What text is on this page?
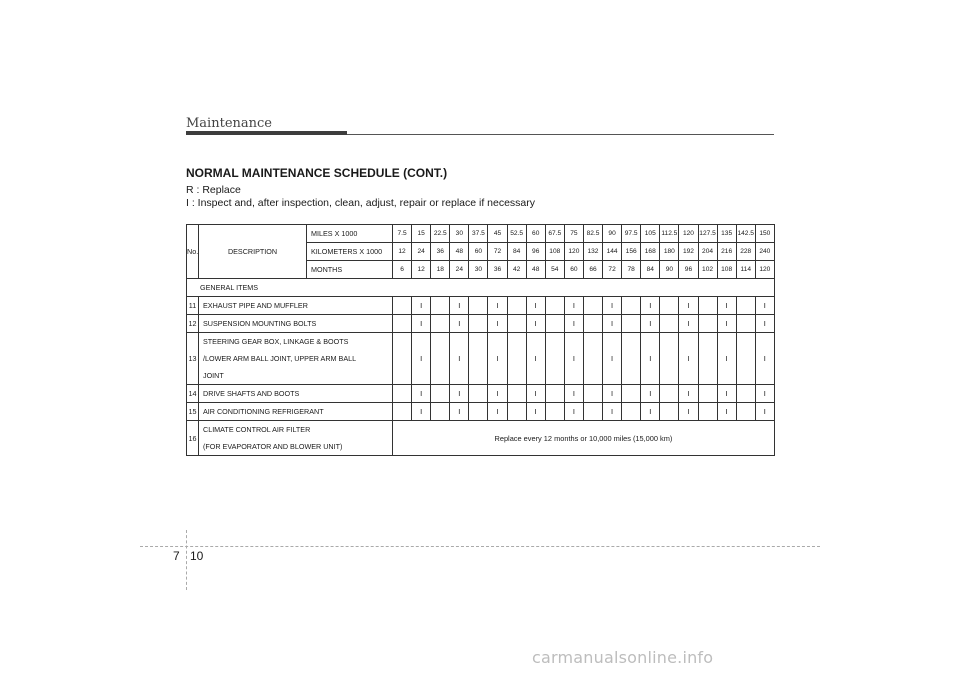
Maintenance
NORMAL MAINTENANCE SCHEDULE (CONT.)
R : Replace
I : Inspect and, after inspection, clean, adjust, repair or replace if necessary
No.	DESCRIPTION	MILES X 1000	7.5	15	22.5	30	37.5	45	52.5	60	67.5	75	82.5	90	97.5	105	112.5	120	127.5	135	142.5	150
		KILOMETERS X 1000	12	24	36	48	60	72	84	96	108	120	132	144	156	168	180	192	204	216	228	240
		MONTHS	6	12	18	24	30	36	42	48	54	60	66	72	78	84	90	96	102	108	114	120
GENERAL ITEMS																						
11	EXHAUST PIPE AND MUFFLER			I		I		I		I		I		I		I		I		I		I
12	SUSPENSION MOUNTING BOLTS			I		I		I		I		I		I		I		I		I		I
13	STEERING GEAR BOX, LINKAGE & BOOTS
/LOWER ARM BALL JOINT, UPPER ARM BALL
JOINT			I		I		I		I		I		I		I		I		I		I
14	DRIVE SHAFTS AND BOOTS			I		I		I		I		I		I		I		I		I		I
15	AIR CONDITIONING REFRIGERANT			I		I		I		I		I		I		I		I		I		I
16	CLIMATE CONTROL AIR FILTER
(FOR EVAPORATOR AND BLOWER UNIT)		Replace every 12 months or 10,000 miles (15,000 km)																			
7 10
carmanualsonline.info
